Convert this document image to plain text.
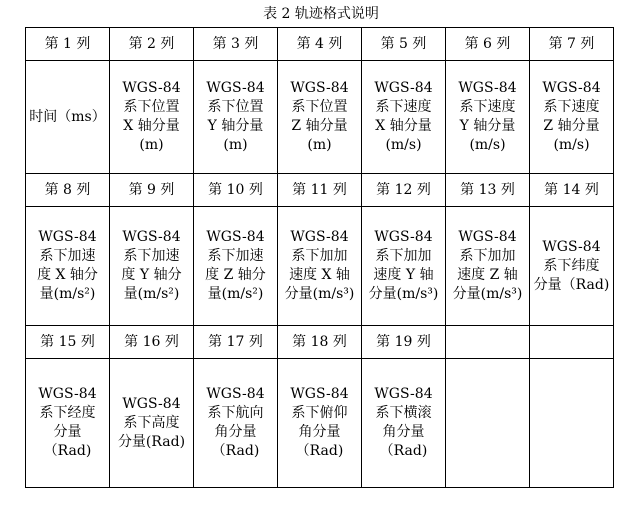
表 2 轨迹格式说明
第 1 列	第 2 列	第 3 列	第 4 列	第 5 列	第 6 列	第 7 列

时间（ms）	WGS-84
系下位置
X 轴分量
(m)	WGS-84
系下位置
Y 轴分量
(m)	WGS-84
系下位置
Z 轴分量
(m)	WGS-84
系下速度
X 轴分量
(m/s)	WGS-84
系下速度
Y 轴分量
(m/s)	WGS-84
系下速度
Z 轴分量
(m/s)

第 8 列	第 9 列	第 10 列	第 11 列	第 12 列	第 13 列	第 14 列

WGS-84
系下加速
度 X 轴分
量(m/s²)	WGS-84
系下加速
度 Y 轴分
量(m/s²)	WGS-84
系下加速
度 Z 轴分
量(m/s²)	WGS-84
系下加加
速度 X 轴
分量(m/s³)	WGS-84
系下加加
速度 Y 轴
分量(m/s³)	WGS-84
系下加加
速度 Z 轴
分量(m/s³)	WGS-84
系下纬度
分量（Rad)

第 15 列	第 16 列	第 17 列	第 18 列	第 19 列		

WGS-84
系下经度
分量
（Rad)	WGS-84
系下高度
分量(Rad)	WGS-84
系下航向
角分量
（Rad)	WGS-84
系下俯仰
角分量
（Rad)	WGS-84
系下横滚
角分量
（Rad)		
